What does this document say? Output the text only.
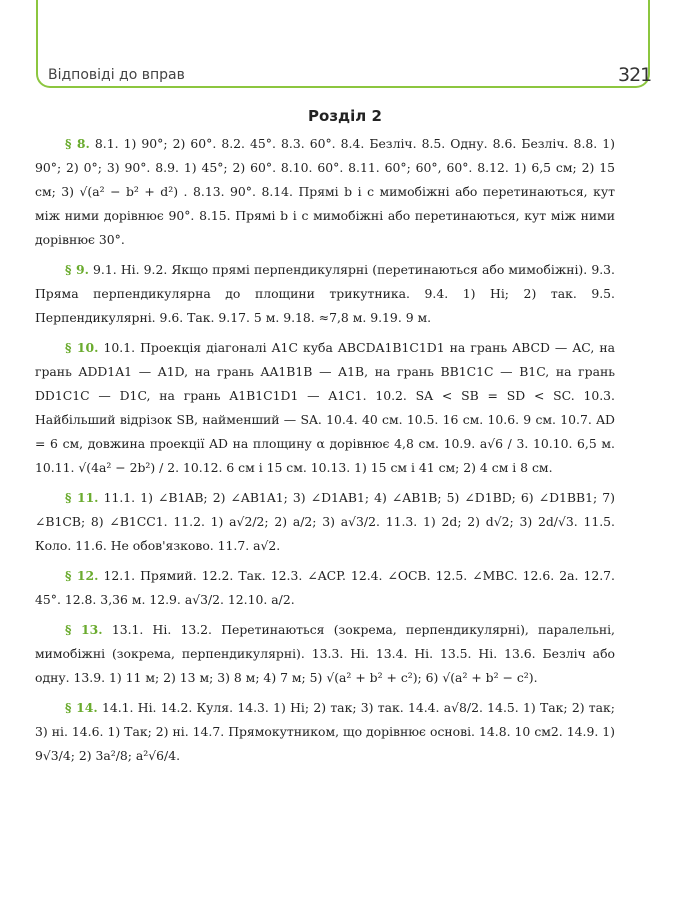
Відповіді до вправ	321
Розділ 2

§ 8. 8.1. 1) 90°; 2) 60°. 8.2. 45°. 8.3. 60°. 8.4. Безліч. 8.5. Одну. 8.6. Безліч. 8.8. 1) 90°; 2) 0°; 3) 90°. 8.9. 1) 45°; 2) 60°. 8.10. 60°. 8.11. 60°; 60°, 60°. 8.12. 1) 6,5 см; 2) 15 см; 3) √(a² − b² + d²) . 8.13. 90°. 8.14. Прямі b і c мимобіжні або перетинаються, кут між ними дорівнює 90°. 8.15. Прямі b і c мимобіжні або перетинаються, кут між ними дорівнює 30°.

§ 9. 9.1. Ні. 9.2. Якщо прямі перпендикулярні (перетинаються або мимобіжні). 9.3. Пряма перпендикулярна до площини трикутника. 9.4. 1) Ні; 2) так. 9.5. Перпендикулярні. 9.6. Так. 9.17. 5 м. 9.18. ≈7,8 м. 9.19. 9 м.

§ 10. 10.1. Проекція діагоналі A1C куба ABCDA1B1C1D1 на грань ABCD — AC, на грань ADD1A1 — A1D, на грань AA1B1B — A1B, на грань BB1C1C — B1C, на грань DD1C1C — D1C, на грань A1B1C1D1 — A1C1. 10.2. SA < SB = SD < SC. 10.3. Найбільший відрізок SB, найменший — SA. 10.4. 40 см. 10.5. 16 см. 10.6. 9 см. 10.7. AD = 6 см, довжина проекції AD на площину α дорівнює 4,8 см. 10.9. a√6 / 3. 10.10. 6,5 м. 10.11. √(4a² − 2b²) / 2. 10.12. 6 см і 15 см. 10.13. 1) 15 см і 41 см; 2) 4 см і 8 см.

§ 11. 11.1. 1) ∠B1AB; 2) ∠AB1A1; 3) ∠D1AB1; 4) ∠AB1B; 5) ∠D1BD; 6) ∠D1BB1; 7) ∠B1CB; 8) ∠B1CC1. 11.2. 1) a√2/2; 2) a/2; 3) a√3/2. 11.3. 1) 2d; 2) d√2; 3) 2d/√3. 11.5. Коло. 11.6. Не обов'язково. 11.7. a√2.

§ 12. 12.1. Прямий. 12.2. Так. 12.3. ∠ACP. 12.4. ∠OCB. 12.5. ∠MBC. 12.6. 2a. 12.7. 45°. 12.8. 3,36 м. 12.9. a√3/2. 12.10. a/2.

§ 13. 13.1. Ні. 13.2. Перетинаються (зокрема, перпендикулярні), паралельні, мимобіжні (зокрема, перпендикулярні). 13.3. Ні. 13.4. Ні. 13.5. Ні. 13.6. Безліч або одну. 13.9. 1) 11 м; 2) 13 м; 3) 8 м; 4) 7 м; 5) √(a² + b² + c²); 6) √(a² + b² − c²).

§ 14. 14.1. Ні. 14.2. Куля. 14.3. 1) Ні; 2) так; 3) так. 14.4. a√8/2. 14.5. 1) Так; 2) так; 3) ні. 14.6. 1) Так; 2) ні. 14.7. Прямокутником, що дорівнює основі. 14.8. 10 см2. 14.9. 1) 9√3/4; 2) 3a²/8; a²√6/4.
